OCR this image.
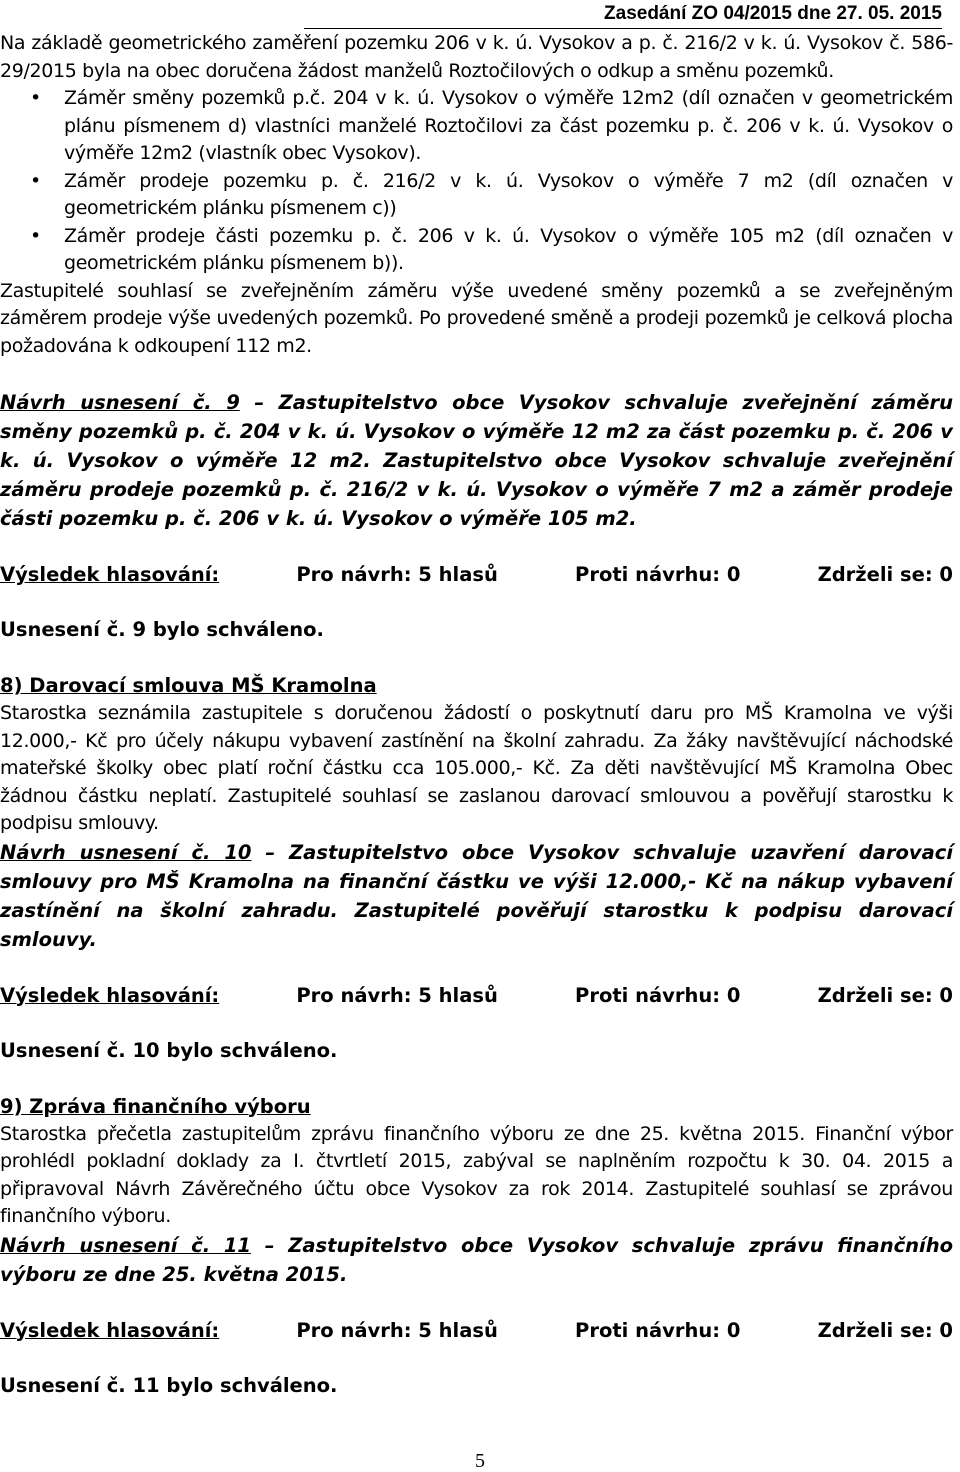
Zasedání ZO 04/2015 dne 27. 05. 2015

Na základě geometrického zaměření pozemku 206 v k. ú. Vysokov a p. č. 216/2 v k. ú. Vysokov č. 586-29/2015 byla na obec doručena žádost manželů Roztočilových o odkup a směnu pozemků.

• Záměr směny pozemků p.č. 204 v k. ú. Vysokov o výměře 12m2 (díl označen v geometrickém plánu písmenem d) vlastníci manželé Roztočilovi za část pozemku p. č. 206 v k. ú. Vysokov o výměře 12m2 (vlastník obec Vysokov).
• Záměr prodeje pozemku p. č. 216/2 v k. ú. Vysokov o výměře 7 m2 (díl označen v geometrickém plánku písmenem c))
• Záměr prodeje části pozemku p. č. 206 v k. ú. Vysokov o výměře 105 m2 (díl označen v geometrickém plánku písmenem b)).

Zastupitelé souhlasí se zveřejněním záměru výše uvedené směny pozemků a se zveřejněným záměrem prodeje výše uvedených pozemků. Po provedené směně a prodeji pozemků je celková plocha požadována k odkoupení 112 m2.

Návrh usnesení č. 9 – Zastupitelstvo obce Vysokov schvaluje zveřejnění záměru směny pozemků p. č. 204 v k. ú. Vysokov o výměře 12 m2 za část pozemku p. č. 206 v k. ú. Vysokov o výměře 12 m2. Zastupitelstvo obce Vysokov schvaluje zveřejnění záměru prodeje pozemků p. č. 216/2 v k. ú. Vysokov o výměře 7 m2 a záměr prodeje části pozemku p. č. 206 v k. ú. Vysokov o výměře 105 m2.
Výsledek hlasování:	Pro návrh: 5 hlasů	Proti návrhu: 0	Zdrželi se: 0
Usnesení č. 9 bylo schváleno.
8) Darovací smlouva MŠ Kramolna

Starostka seznámila zastupitele s doručenou žádostí o poskytnutí daru pro MŠ Kramolna ve výši 12.000,- Kč pro účely nákupu vybavení zastínění na školní zahradu. Za žáky navštěvující náchodské mateřské školky obec platí roční částku cca 105.000,- Kč. Za děti navštěvující MŠ Kramolna Obec žádnou částku neplatí. Zastupitelé souhlasí se zaslanou darovací smlouvou a pověřují starostku k podpisu smlouvy.

Návrh usnesení č. 10 – Zastupitelstvo obce Vysokov schvaluje uzavření darovací smlouvy pro MŠ Kramolna na finanční částku ve výši 12.000,- Kč na nákup vybavení zastínění na školní zahradu. Zastupitelé pověřují starostku k podpisu darovací smlouvy.
Výsledek hlasování:	Pro návrh: 5 hlasů	Proti návrhu: 0	Zdrželi se: 0
Usnesení č. 10 bylo schváleno.
9) Zpráva finančního výboru

Starostka přečetla zastupitelům zprávu finančního výboru ze dne 25. května 2015. Finanční výbor prohlédl pokladní doklady za I. čtvrtletí 2015, zabýval se naplněním rozpočtu k 30. 04. 2015 a připravoval Návrh Závěrečného účtu obce Vysokov za rok 2014. Zastupitelé souhlasí se zprávou finančního výboru.

Návrh usnesení č. 11 – Zastupitelstvo obce Vysokov schvaluje zprávu finančního výboru ze dne 25. května 2015.
Výsledek hlasování:	Pro návrh: 5 hlasů	Proti návrhu: 0	Zdrželi se: 0
Usnesení č. 11 bylo schváleno.
5
